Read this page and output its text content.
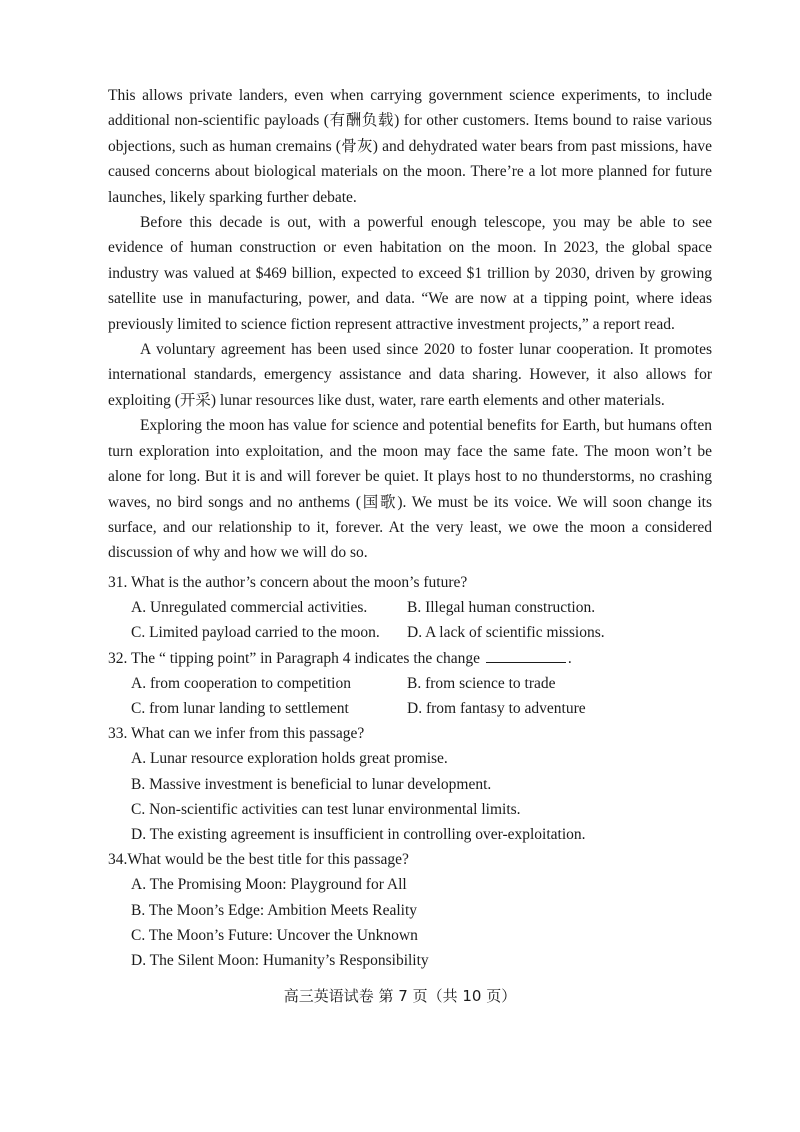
This allows private landers, even when carrying government science experiments, to include additional non-scientific payloads (有酬负载) for other customers. Items bound to raise various objections, such as human cremains (骨灰) and dehydrated water bears from past missions, have caused concerns about biological materials on the moon. There’re a lot more planned for future launches, likely sparking further debate.

Before this decade is out, with a powerful enough telescope, you may be able to see evidence of human construction or even habitation on the moon. In 2023, the global space industry was valued at $469 billion, expected to exceed $1 trillion by 2030, driven by growing satellite use in manufacturing, power, and data. “We are now at a tipping point, where ideas previously limited to science fiction represent attractive investment projects,” a report read.

A voluntary agreement has been used since 2020 to foster lunar cooperation. It promotes international standards, emergency assistance and data sharing. However, it also allows for exploiting (开采) lunar resources like dust, water, rare earth elements and other materials.

Exploring the moon has value for science and potential benefits for Earth, but humans often turn exploration into exploitation, and the moon may face the same fate. The moon won’t be alone for long. But it is and will forever be quiet. It plays host to no thunderstorms, no crashing waves, no bird songs and no anthems (国歌). We must be its voice. We will soon change its surface, and our relationship to it, forever. At the very least, we owe the moon a considered discussion of why and how we will do so.

31. What is the author’s concern about the moon’s future?
A. Unregulated commercial activities.	B. Illegal human construction.
C. Limited payload carried to the moon.	D. A lack of scientific missions.
32. The “ tipping point” in Paragraph 4 indicates the change	.
A. from cooperation to competition	B. from science to trade
C. from lunar landing to settlement	D. from fantasy to adventure
33. What can we infer from this passage?
A. Lunar resource exploration holds great promise.
B. Massive investment is beneficial to lunar development.
C. Non-scientific activities can test lunar environmental limits.
D. The existing agreement is insufficient in controlling over-exploitation.
34.What would be the best title for this passage?
A. The Promising Moon: Playground for All
B. The Moon’s Edge: Ambition Meets Reality
C. The Moon’s Future: Uncover the Unknown
D. The Silent Moon: Humanity’s Responsibility
高三英语试卷 第 7 页（共 10 页）
